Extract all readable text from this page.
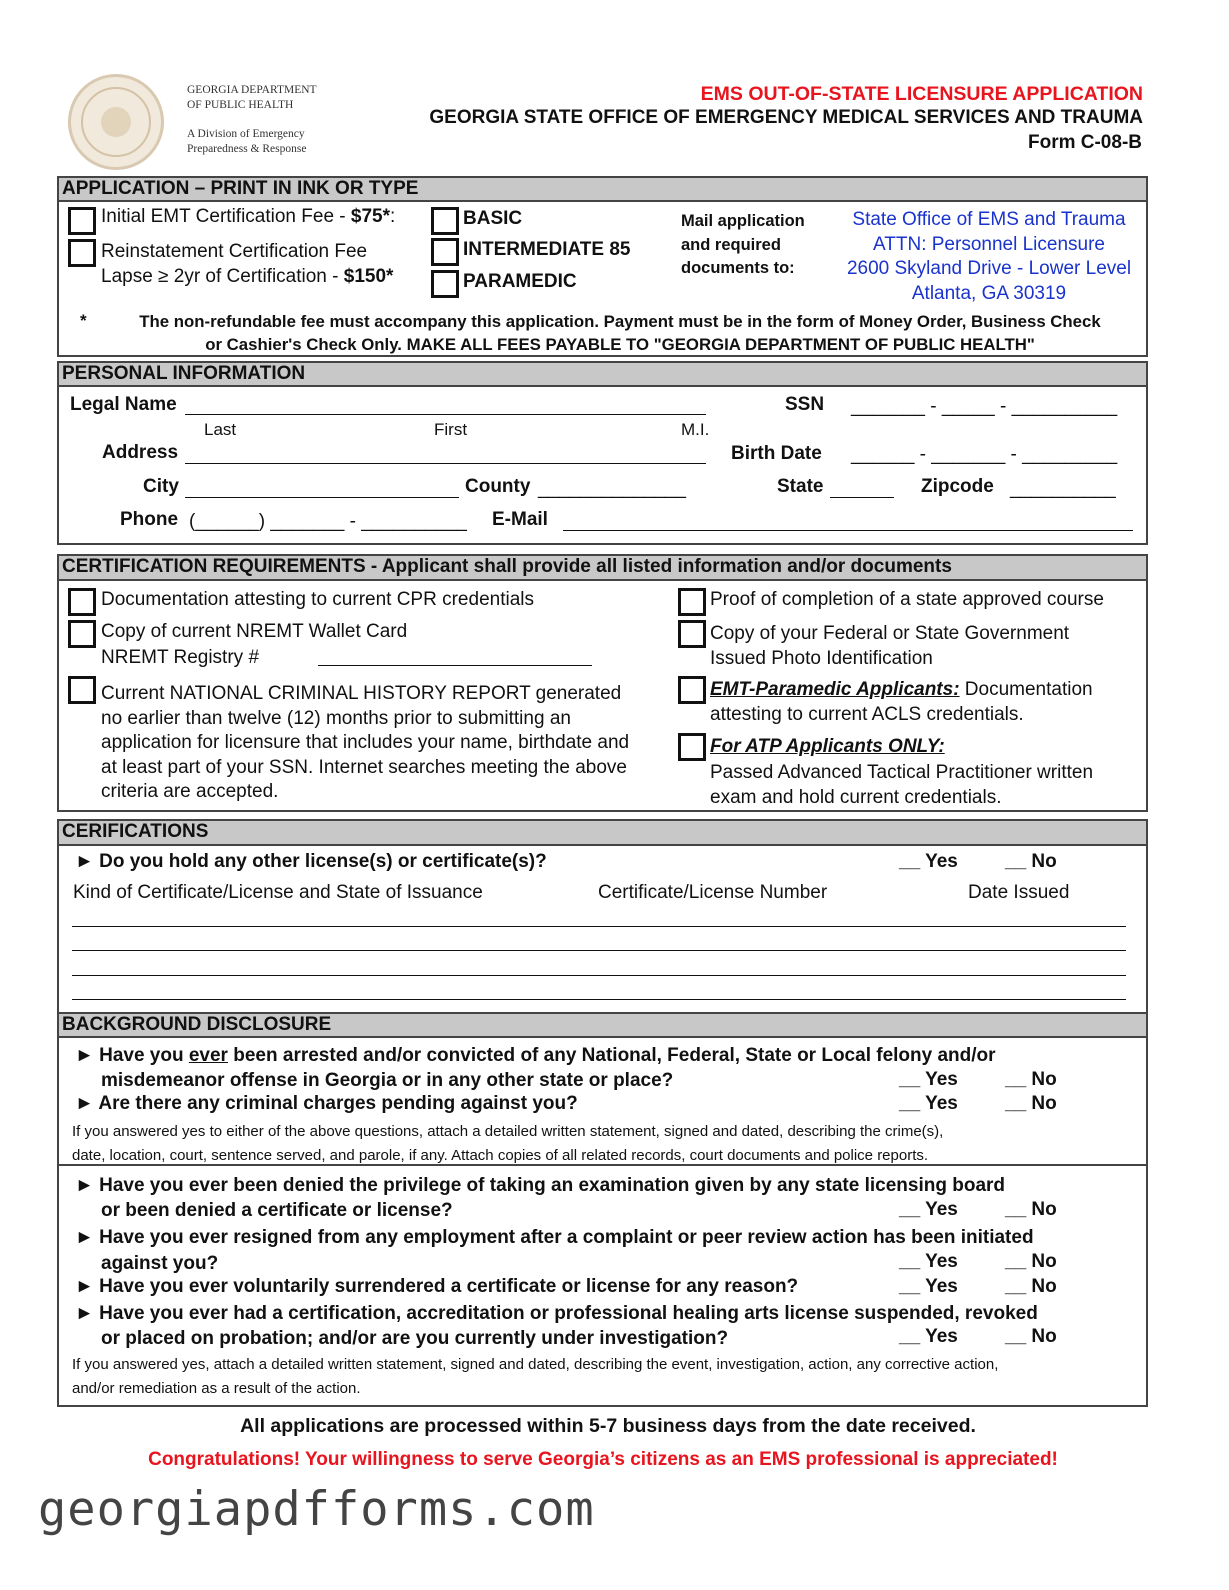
GEORGIA DEPARTMENT
OF PUBLIC HEALTH
A Division of Emergency
Preparedness & Response
EMS OUT-OF-STATE LICENSURE APPLICATION
GEORGIA STATE OFFICE OF EMERGENCY MEDICAL SERVICES AND TRAUMA
Form C-08-B
APPLICATION – PRINT IN INK OR TYPE
Initial EMT Certification Fee - $75*:
Reinstatement Certification Fee
Lapse ≥ 2yr of Certification - $150*
BASIC
INTERMEDIATE 85
PARAMEDIC
Mail application
and required
documents to:
State Office of EMS and Trauma
ATTN: Personnel Licensure
2600 Skyland Drive - Lower Level
Atlanta, GA 30319
*	The non-refundable fee must accompany this application. Payment must be in the form of Money Order, Business Check
or Cashier's Check Only. MAKE ALL FEES PAYABLE TO "GEORGIA DEPARTMENT OF PUBLIC HEALTH"
PERSONAL INFORMATION
Legal Name
Last	First	M.I.
SSN _______ - _____ - __________
Address	Birth Date ______ - _______ - _________
City	County ______________	State	Zipcode __________
Phone (______) _______ - __________ E-Mail
CERTIFICATION REQUIREMENTS - Applicant shall provide all listed information and/or documents
Documentation attesting to current CPR credentials
Copy of current NREMT Wallet Card
NREMT Registry #
Current NATIONAL CRIMINAL HISTORY REPORT generated
no earlier than twelve (12) months prior to submitting an
application for licensure that includes your name, birthdate and
at least part of your SSN. Internet searches meeting the above
criteria are accepted.
Proof of completion of a state approved course
Copy of your Federal or State Government
Issued Photo Identification
EMT-Paramedic Applicants: Documentation
attesting to current ACLS credentials.
For ATP Applicants ONLY:
Passed Advanced Tactical Practitioner written
exam and hold current credentials.
CERIFICATIONS
► Do you hold any other license(s) or certificate(s)?	__ Yes __ No
Kind of Certificate/License and State of Issuance	Certificate/License Number	Date Issued
BACKGROUND DISCLOSURE
► Have you ever been arrested and/or convicted of any National, Federal, State or Local felony and/or
misdemeanor offense in Georgia or in any other state or place?	__ Yes __ No
► Are there any criminal charges pending against you?	__ Yes __ No
If you answered yes to either of the above questions, attach a detailed written statement, signed and dated, describing the crime(s),
date, location, court, sentence served, and parole, if any. Attach copies of all related records, court documents and police reports.
► Have you ever been denied the privilege of taking an examination given by any state licensing board
or been denied a certificate or license?	__ Yes __ No
► Have you ever resigned from any employment after a complaint or peer review action has been initiated
against you?	__ Yes __ No
► Have you ever voluntarily surrendered a certificate or license for any reason?	__ Yes __ No
► Have you ever had a certification, accreditation or professional healing arts license suspended, revoked
or placed on probation; and/or are you currently under investigation?	__ Yes __ No
If you answered yes, attach a detailed written statement, signed and dated, describing the event, investigation, action, any corrective action,
and/or remediation as a result of the action.
All applications are processed within 5-7 business days from the date received.
Congratulations! Your willingness to serve Georgia’s citizens as an EMS professional is appreciated!
georgiapdfforms.com
